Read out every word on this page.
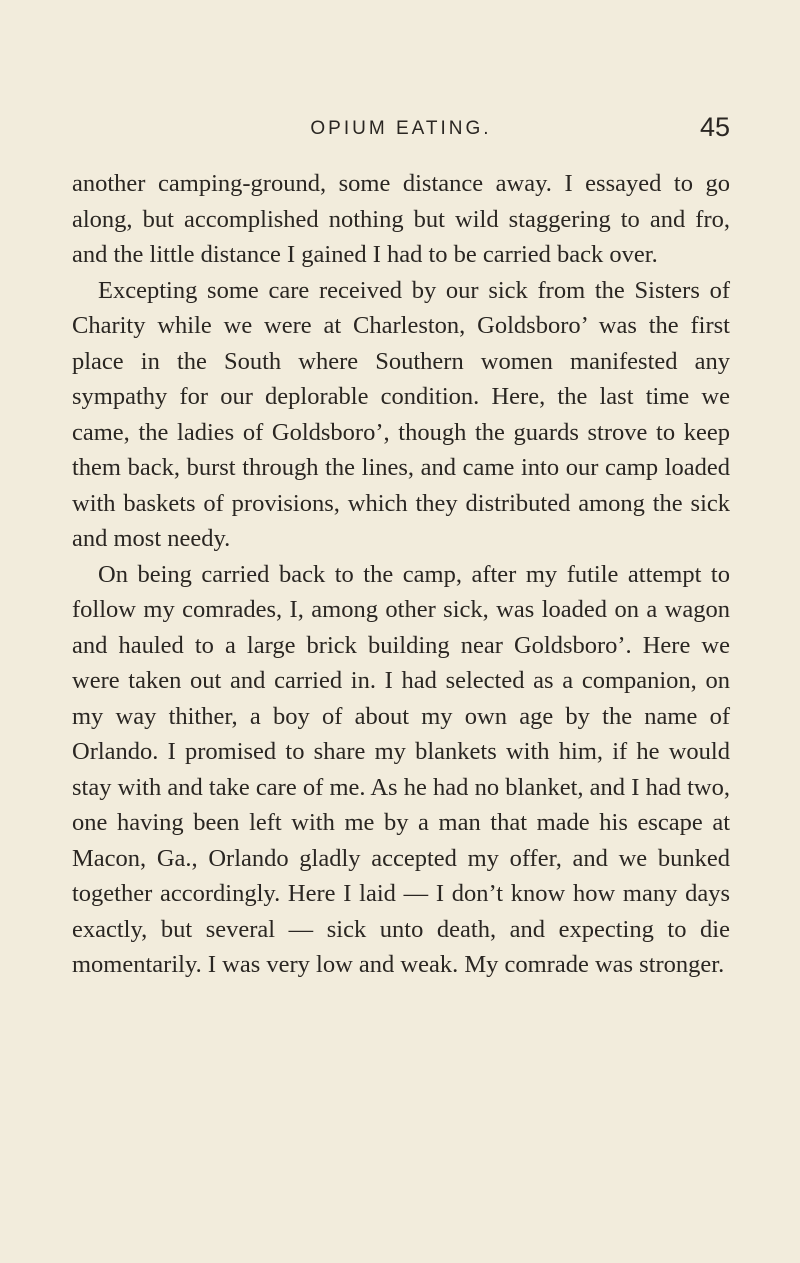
OPIUM EATING.	45

another camping-ground, some distance away. I essayed to go along, but accomplished nothing but wild staggering to and fro, and the little distance I gained I had to be carried back over.

Excepting some care received by our sick from the Sisters of Charity while we were at Charleston, Goldsboro’ was the first place in the South where Southern women manifested any sympathy for our deplorable condition. Here, the last time we came, the ladies of Goldsboro’, though the guards strove to keep them back, burst through the lines, and came into our camp loaded with baskets of provisions, which they distributed among the sick and most needy.

On being carried back to the camp, after my futile attempt to follow my comrades, I, among other sick, was loaded on a wagon and hauled to a large brick building near Goldsboro’. Here we were taken out and carried in. I had selected as a companion, on my way thither, a boy of about my own age by the name of Orlando. I promised to share my blankets with him, if he would stay with and take care of me. As he had no blanket, and I had two, one having been left with me by a man that made his escape at Macon, Ga., Orlando gladly accepted my offer, and we bunked together accordingly. Here I laid — I don’t know how many days exactly, but several — sick unto death, and expecting to die momentarily. I was very low and weak. My comrade was stronger.
